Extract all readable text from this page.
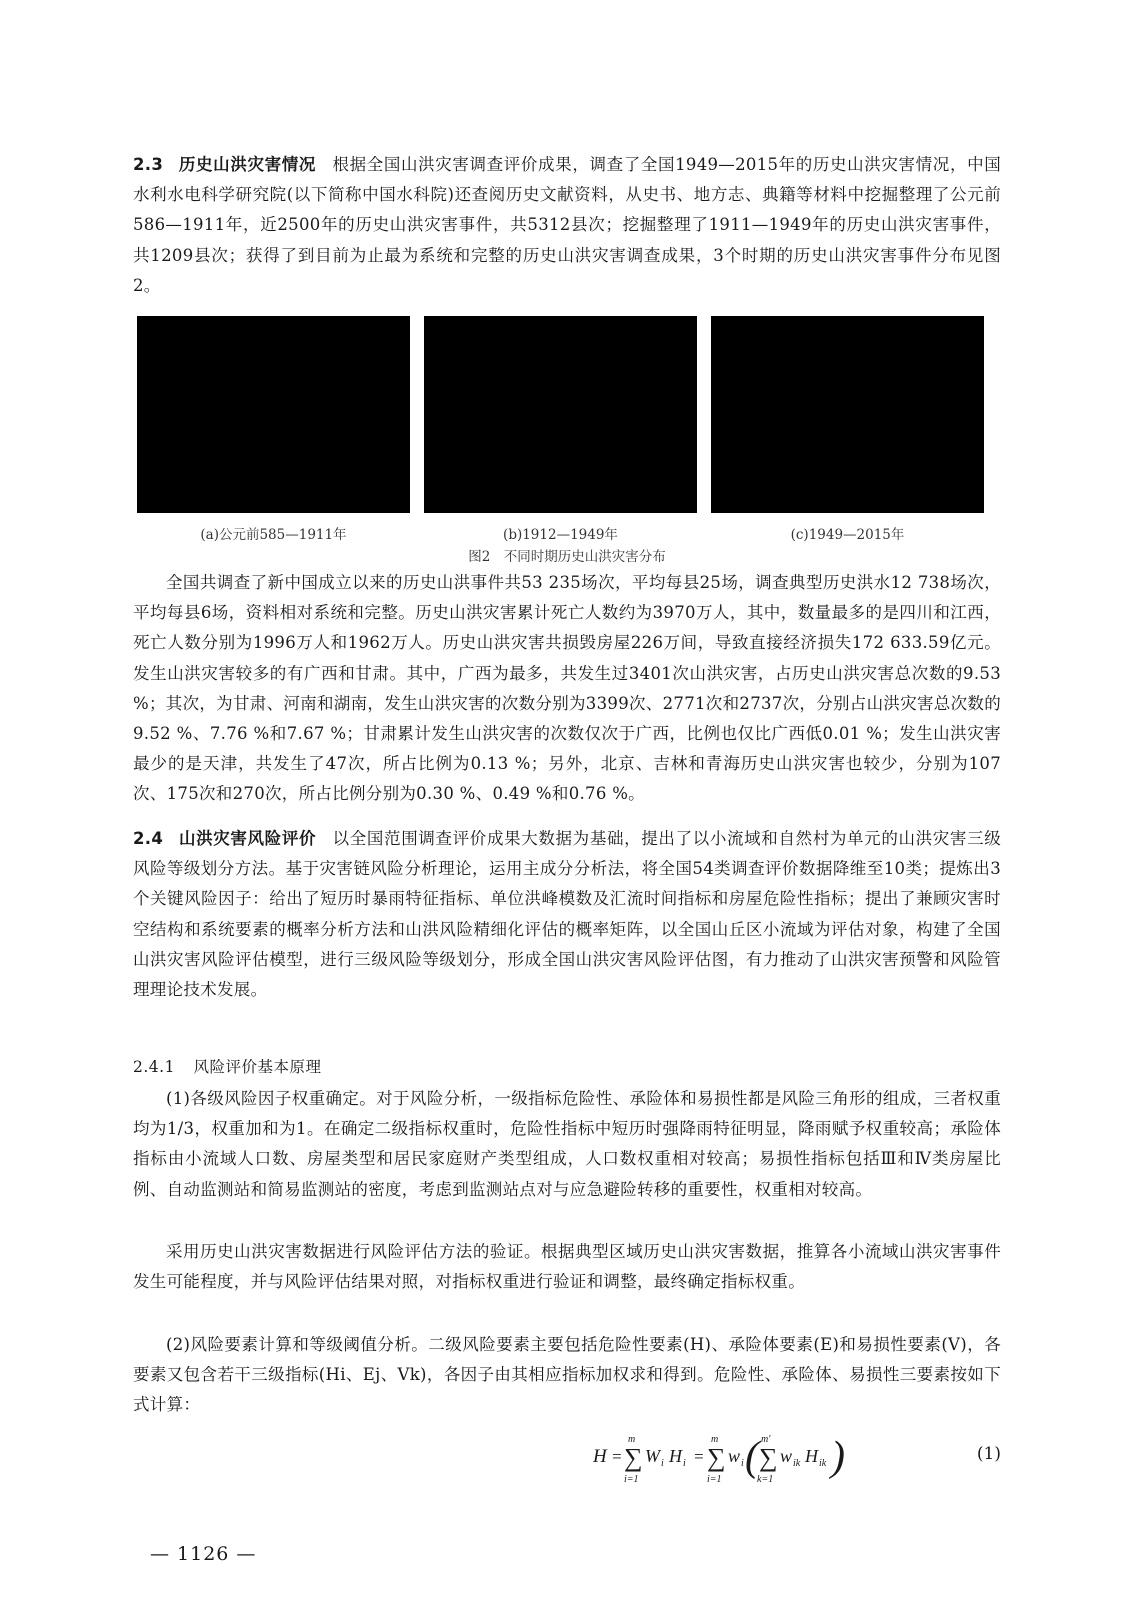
2.3 历史山洪灾害情况 根据全国山洪灾害调查评价成果，调查了全国1949—2015年的历史山洪灾害情况，中国水利水电科学研究院(以下简称中国水科院)还查阅历史文献资料，从史书、地方志、典籍等材料中挖掘整理了公元前586—1911年，近2500年的历史山洪灾害事件，共5312县次；挖掘整理了1911—1949年的历史山洪灾害事件，共1209县次；获得了到目前为止最为系统和完整的历史山洪灾害调查成果，3个时期的历史山洪灾害事件分布见图2。
(a)公元前585—1911年	(b)1912—1949年	(c)1949—2015年
图2　不同时期历史山洪灾害分布
全国共调查了新中国成立以来的历史山洪事件共53 235场次，平均每县25场，调查典型历史洪水12 738场次，平均每县6场，资料相对系统和完整。历史山洪灾害累计死亡人数约为3970万人，其中，数量最多的是四川和江西，死亡人数分别为1996万人和1962万人。历史山洪灾害共损毁房屋226万间，导致直接经济损失172 633.59亿元。发生山洪灾害较多的有广西和甘肃。其中，广西为最多，共发生过3401次山洪灾害，占历史山洪灾害总次数的9.53 %；其次，为甘肃、河南和湖南，发生山洪灾害的次数分别为3399次、2771次和2737次，分别占山洪灾害总次数的9.52 %、7.76 %和7.67 %；甘肃累计发生山洪灾害的次数仅次于广西，比例也仅比广西低0.01 %；发生山洪灾害最少的是天津，共发生了47次，所占比例为0.13 %；另外，北京、吉林和青海历史山洪灾害也较少，分别为107次、175次和270次，所占比例分别为0.30 %、0.49 %和0.76 %。
2.4 山洪灾害风险评价 以全国范围调查评价成果大数据为基础，提出了以小流域和自然村为单元的山洪灾害三级风险等级划分方法。基于灾害链风险分析理论，运用主成分分析法，将全国54类调查评价数据降维至10类；提炼出3个关键风险因子：给出了短历时暴雨特征指标、单位洪峰模数及汇流时间指标和房屋危险性指标；提出了兼顾灾害时空结构和系统要素的概率分析方法和山洪风险精细化评估的概率矩阵，以全国山丘区小流域为评估对象，构建了全国山洪灾害风险评估模型，进行三级风险等级划分，形成全国山洪灾害风险评估图，有力推动了山洪灾害预警和风险管理理论技术发展。
2.4.1 风险评价基本原理
(1)各级风险因子权重确定。对于风险分析，一级指标危险性、承险体和易损性都是风险三角形的组成，三者权重均为1/3，权重加和为1。在确定二级指标权重时，危险性指标中短历时强降雨特征明显，降雨赋予权重较高；承险体指标由小流域人口数、房屋类型和居民家庭财产类型组成，人口数权重相对较高；易损性指标包括Ⅲ和Ⅳ类房屋比例、自动监测站和简易监测站的密度，考虑到监测站点对与应急避险转移的重要性，权重相对较高。
采用历史山洪灾害数据进行风险评估方法的验证。根据典型区域历史山洪灾害数据，推算各小流域山洪灾害事件发生可能程度，并与风险评估结果对照，对指标权重进行验证和调整，最终确定指标权重。
(2)风险要素计算和等级阈值分析。二级风险要素主要包括危险性要素(H)、承险体要素(E)和易损性要素(V)，各要素又包含若干三级指标(Hi、Ej、Vk)，各因子由其相应指标加权求和得到。危险性、承险体、易损性三要素按如下式计算：
H = ∑
m
i=1
W i H i = ∑
m
i=1
w i ( ∑
m′
k=1
w ik H ik )	(1)
— 1126 —
